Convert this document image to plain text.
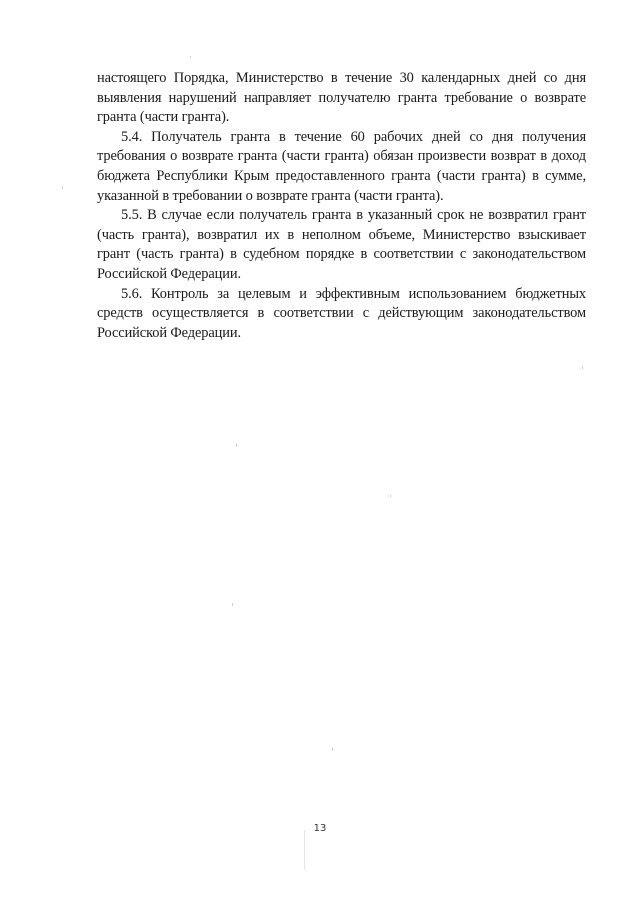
настоящего Порядка, Министерство в течение 30 календарных дней со дня выявления нарушений направляет получателю гранта требование о возврате гранта (части гранта).

5.4. Получатель гранта в течение 60 рабочих дней со дня получения требования о возврате гранта (части гранта) обязан произвести возврат в доход бюджета Республики Крым предоставленного гранта (части гранта) в сумме, указанной в требовании о возврате гранта (части гранта).

5.5. В случае если получатель гранта в указанный срок не возвратил грант (часть гранта), возвратил их в неполном объеме, Министерство взыскивает грант (часть гранта) в судебном порядке в соответствии с законодательством Российской Федерации.

5.6. Контроль за целевым и эффективным использованием бюджетных средств осуществляется в соответствии с действующим законодательством Российской Федерации.

13
